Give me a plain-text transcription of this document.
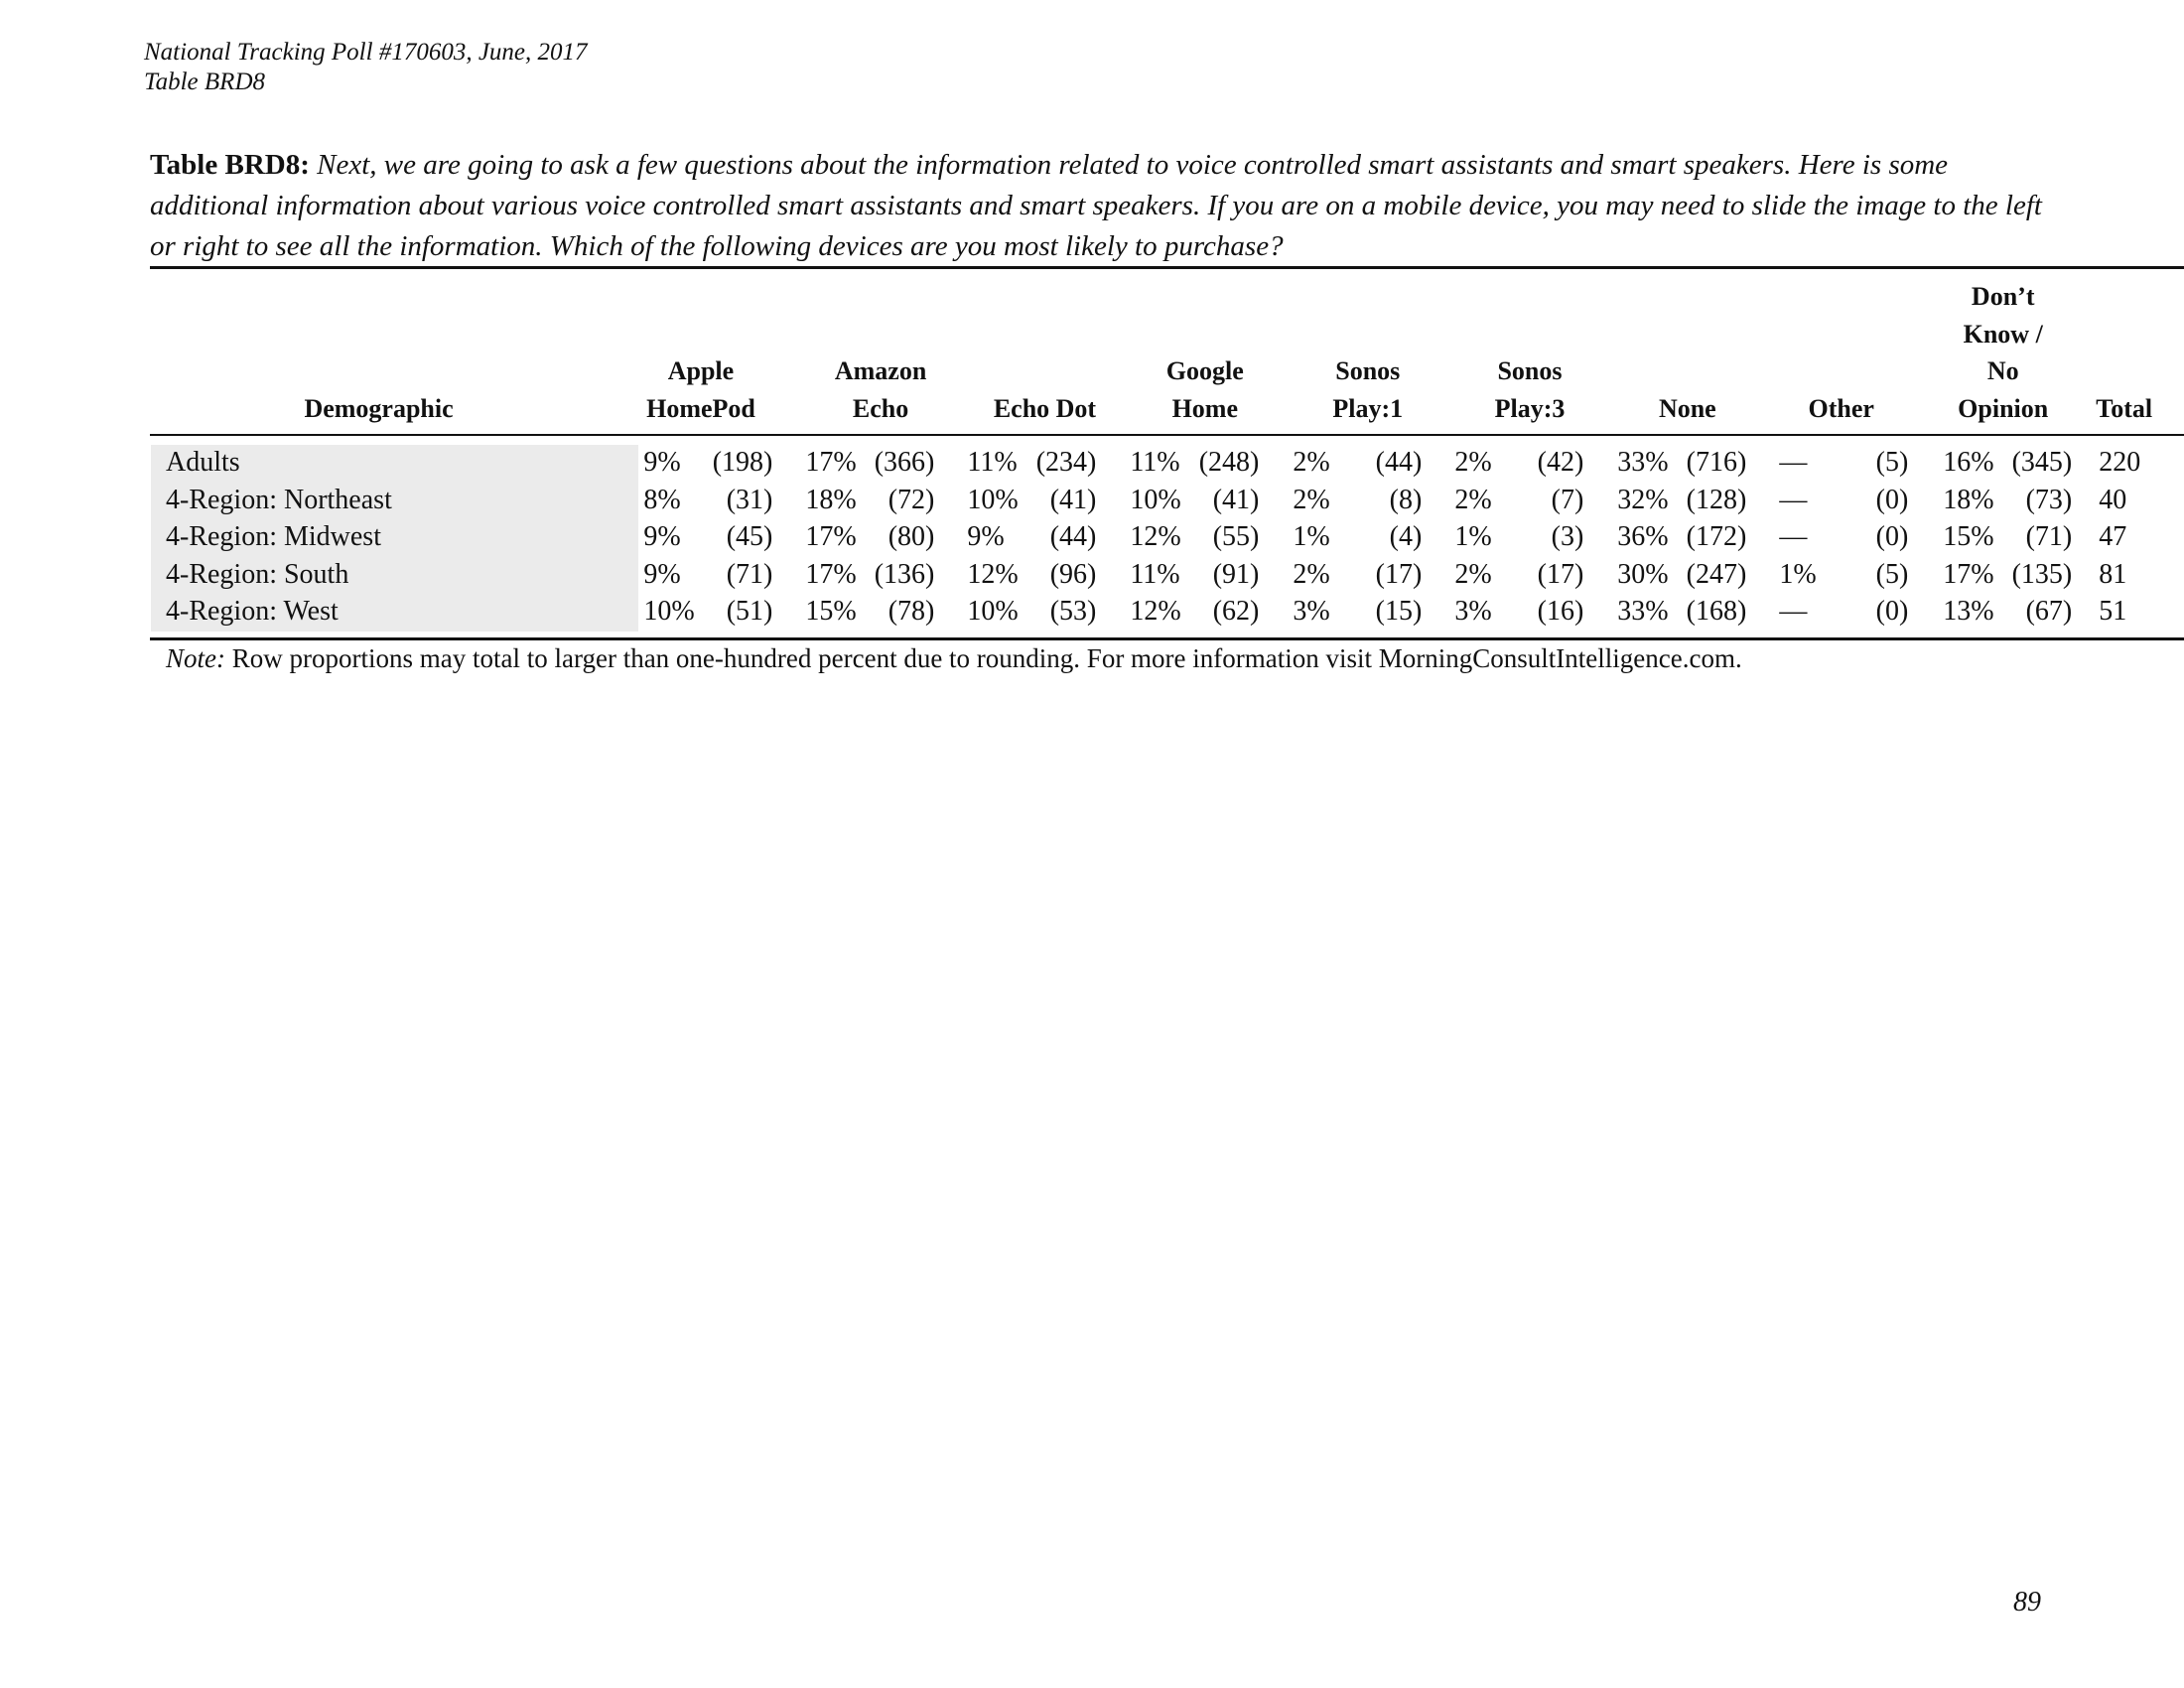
National Tracking Poll #170603, June, 2017
Table BRD8
Table BRD8: Next, we are going to ask a few questions about the information related to voice controlled smart assistants and smart speakers. Here is some additional information about various voice controlled smart assistants and smart speakers. If you are on a mobile device, you may need to slide the image to the left or right to see all the information. Which of the following devices are you most likely to purchase?
Demographic	Apple HomePod	Amazon Echo	Echo Dot	Google Home	Sonos Play:1	Sonos Play:3	None	Other	Don’t Know / No Opinion	Total
Adults	9% (198)	17% (366)	11% (234)	11% (248)	2% (44)	2% (42)	33% (716)	— (5)	16% (345)	220
4-Region: Northeast	8% (31)	18% (72)	10% (41)	10% (41)	2% (8)	2% (7)	32% (128)	— (0)	18% (73)	40
4-Region: Midwest	9% (45)	17% (80)	9% (44)	12% (55)	1% (4)	1% (3)	36% (172)	— (0)	15% (71)	47
4-Region: South	9% (71)	17% (136)	12% (96)	11% (91)	2% (17)	2% (17)	30% (247)	1% (5)	17% (135)	81
4-Region: West	10% (51)	15% (78)	10% (53)	12% (62)	3% (15)	3% (16)	33% (168)	— (0)	13% (67)	51
Note: Row proportions may total to larger than one-hundred percent due to rounding. For more information visit MorningConsultIntelligence.com.
89
